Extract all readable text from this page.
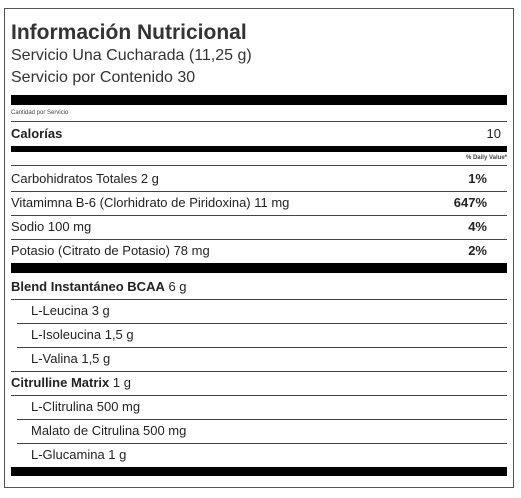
Información Nutricional
Servicio Una Cucharada (11,25 g)
Servicio por Contenido 30
Cantidad por Servicio
Calorías	10
% Daily Value*
Carbohidratos Totales 2 g	1%
Vitamimna B-6 (Clorhidrato de Piridoxina) 11 mg	647%
Sodio 100 mg	4%
Potasio (Citrato de Potasio) 78 mg	2%
Blend Instantáneo BCAA 6 g
L-Leucina 3 g
L-Isoleucina 1,5 g
L-Valina 1,5 g
Citrulline Matrix 1 g
L-Clitrulina 500 mg
Malato de Citrulina 500 mg
L-Glucamina 1 g
